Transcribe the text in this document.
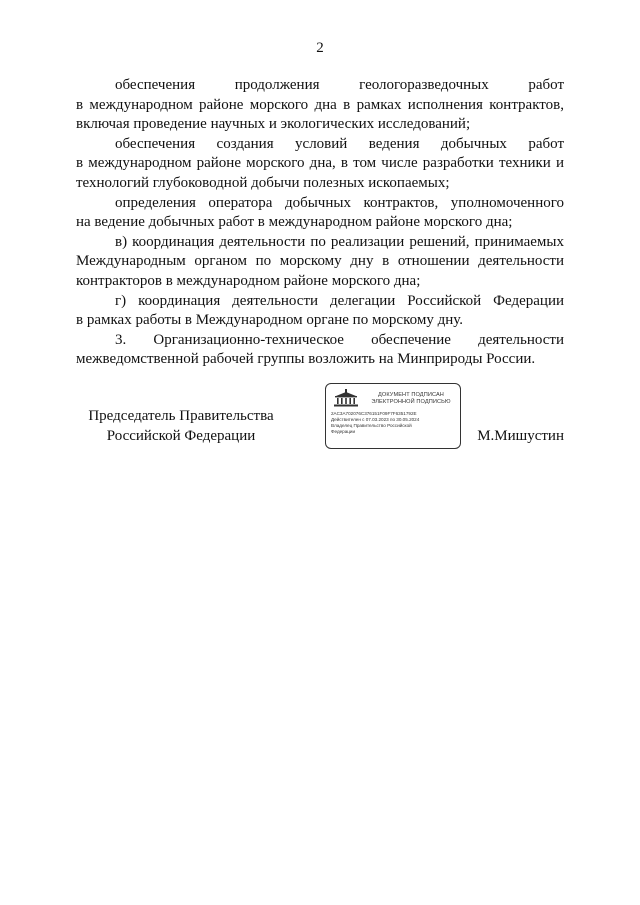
2

обеспечения продолжения геологоразведочных работ
в международном районе морского дна в рамках исполнения контрактов, включая проведение научных и экологических исследований;

обеспечения создания условий ведения добычных работ
в международном районе морского дна, в том числе разработки техники и технологий глубоководной добычи полезных ископаемых;

определения оператора добычных контрактов, уполномоченного
на ведение добычных работ в международном районе морского дна;

в) координация деятельности по реализации решений, принимаемых
Международным органом по морскому дну в отношении деятельности контракторов в международном районе морского дна;

г) координация деятельности делегации Российской Федерации
в рамках работы в Международном органе по морскому дну.

3. Организационно-техническое обеспечение деятельности
межведомственной рабочей группы возложить на Минприроды России.

Председатель Правительства
Российской Федерации
ДОКУМЕНТ ПОДПИСАН
ЭЛЕКТРОННОЙ ПОДПИСЬЮ
2AC3A702076C376151F09F7F6351792E
Действителен с 07.03.2023 по 30.05.2024
Владелец Правительство Российской
Федерации	М.Мишустин
